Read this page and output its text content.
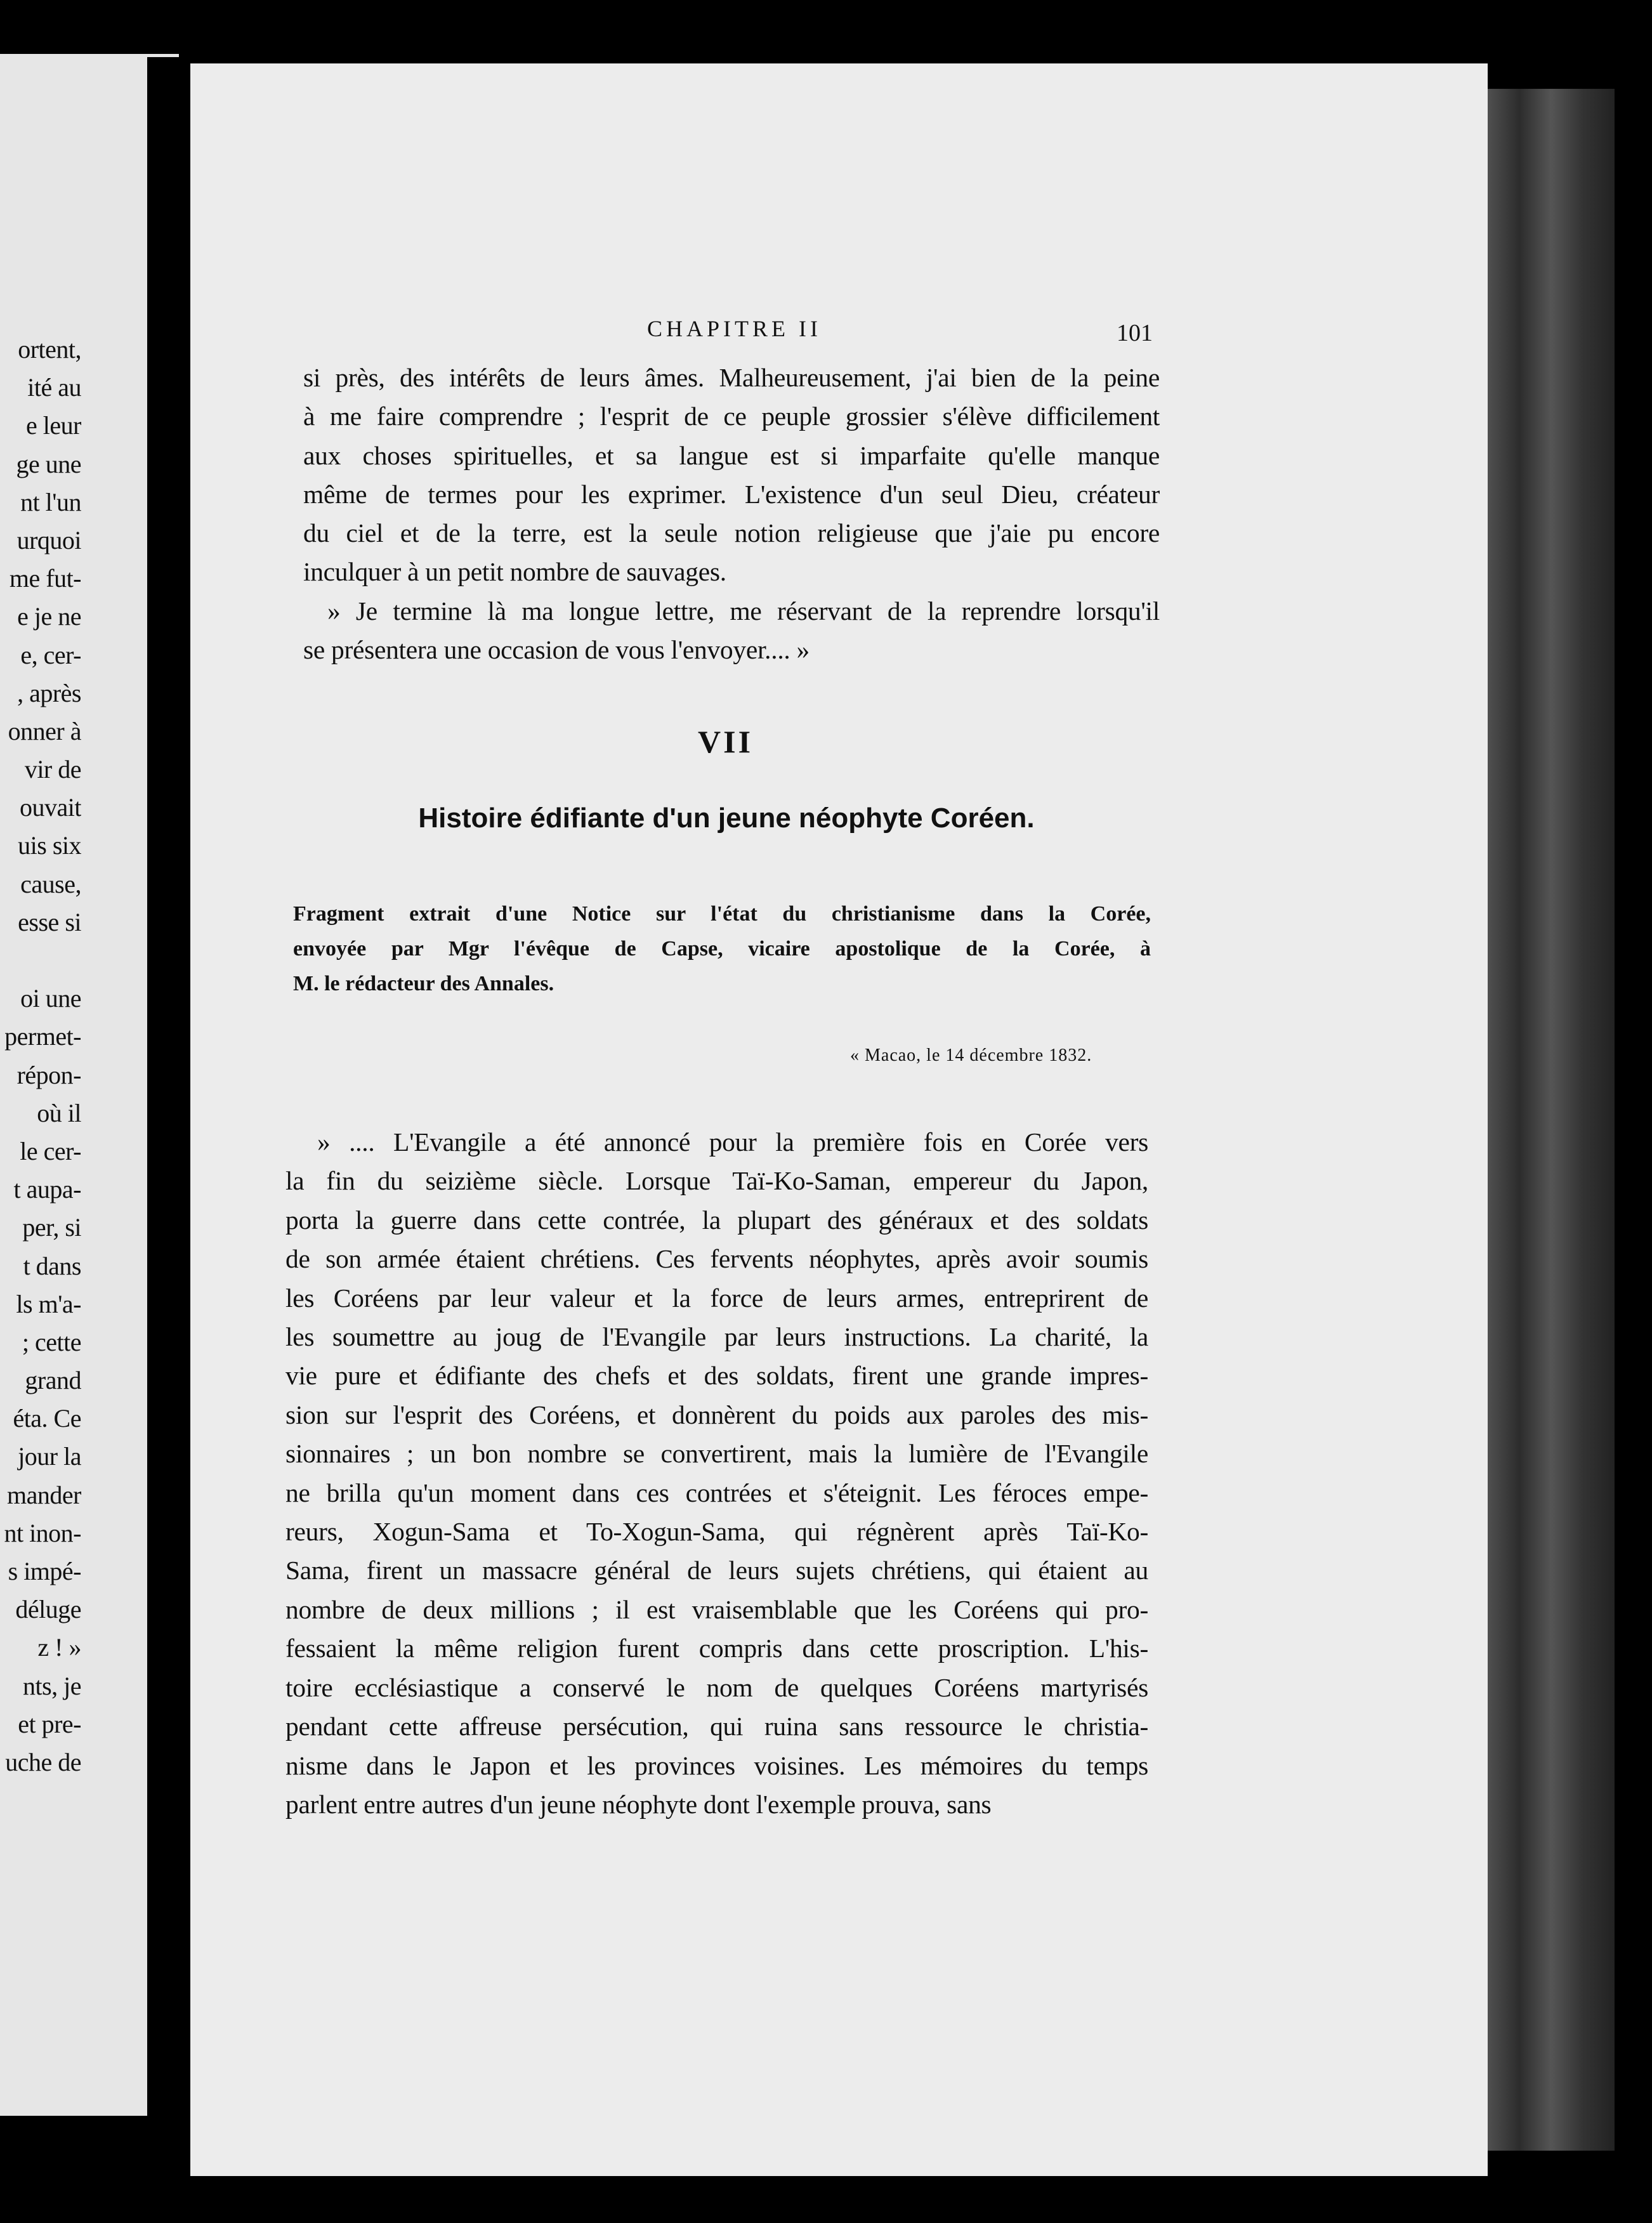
ortent,
ité au
e leur
ge une
nt l'un
urquoi
me fut-
e je ne
e, cer-
, après
onner à
vir de
ouvait
uis six
cause,
esse si
oi une
permet-
répon-
où il
le cer-
t aupa-
per, si
t dans
ls m'a-
; cette
grand
éta. Ce
jour la
mander
nt inon-
s impé-
déluge
z ! »
nts, je
et pre-
uche de
CHAPITRE II	101
si près, des intérêts de leurs âmes. Malheureusement, j'ai bien de la peine
à me faire comprendre ; l'esprit de ce peuple grossier s'élève difficilement
aux choses spirituelles, et sa langue est si imparfaite qu'elle manque
même de termes pour les exprimer. L'existence d'un seul Dieu, créateur
du ciel et de la terre, est la seule notion religieuse que j'aie pu encore
inculquer à un petit nombre de sauvages.
» Je termine là ma longue lettre, me réservant de la reprendre lorsqu'il
se présentera une occasion de vous l'envoyer.... »
VII
Histoire édifiante d'un jeune néophyte Coréen.
Fragment extrait d'une Notice sur l'état du christianisme dans la Corée,
envoyée par Mgr l'évêque de Capse, vicaire apostolique de la Corée, à
M. le rédacteur des Annales.
« Macao, le 14 décembre 1832.
» .... L'Evangile a été annoncé pour la première fois en Corée vers
la fin du seizième siècle. Lorsque Taï-Ko-Saman, empereur du Japon,
porta la guerre dans cette contrée, la plupart des généraux et des soldats
de son armée étaient chrétiens. Ces fervents néophytes, après avoir soumis
les Coréens par leur valeur et la force de leurs armes, entreprirent de
les soumettre au joug de l'Evangile par leurs instructions. La charité, la
vie pure et édifiante des chefs et des soldats, firent une grande impres-
sion sur l'esprit des Coréens, et donnèrent du poids aux paroles des mis-
sionnaires ; un bon nombre se convertirent, mais la lumière de l'Evangile
ne brilla qu'un moment dans ces contrées et s'éteignit. Les féroces empe-
reurs, Xogun-Sama et To-Xogun-Sama, qui régnèrent après Taï-Ko-
Sama, firent un massacre général de leurs sujets chrétiens, qui étaient au
nombre de deux millions ; il est vraisemblable que les Coréens qui pro-
fessaient la même religion furent compris dans cette proscription. L'his-
toire ecclésiastique a conservé le nom de quelques Coréens martyrisés
pendant cette affreuse persécution, qui ruina sans ressource le christia-
nisme dans le Japon et les provinces voisines. Les mémoires du temps
parlent entre autres d'un jeune néophyte dont l'exemple prouva, sans
